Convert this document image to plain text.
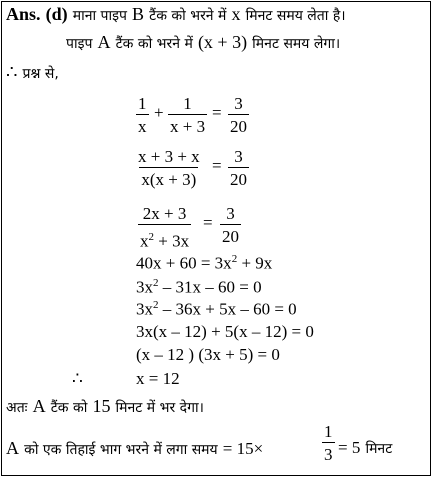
Ans. (d) माना पाइप B टैंक को भरने में x मिनट समय लेता है।
पाइप A टैंक को भरने में (x + 3) मिनट समय लेगा।
∴ प्रश्न से,
$\frac{1}{x} + \frac{1}{x + 3} = \frac{3}{20}$
$\frac{x + 3 + x}{x(x + 3)} = \frac{3}{20}$
$\frac{2x + 3}{x^2 + 3x} = \frac{3}{20}$
$40x + 60 = 3x^2 + 9x$
$3x^2 - 31x - 60 = 0$
$3x^2 - 36x + 5x - 60 = 0$
3x(x – 12) + 5(x – 12) = 0
(x – 12 ) (3x + 5) = 0
∴	x = 12
अतः A टैंक को 15 मिनट में भर देगा।
A को एक तिहाई भाग भरने में लगा समय = 15×	$\frac{1}{3} = 5$ मिनट
